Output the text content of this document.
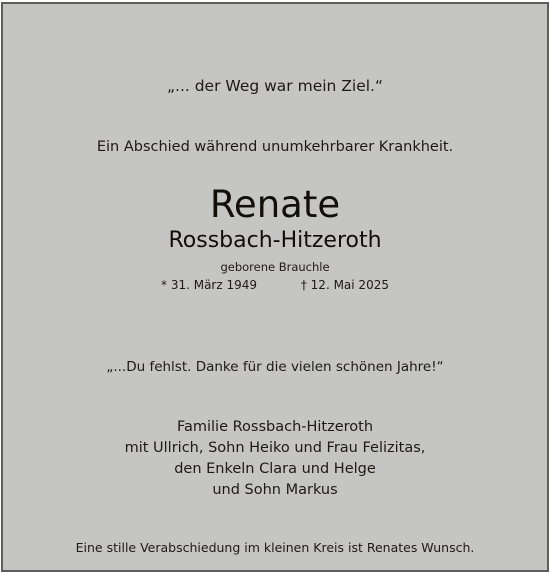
„... der Weg war mein Ziel.“
Ein Abschied während unumkehrbarer Krankheit.
Renate
Rossbach-Hitzeroth
geborene Brauchle
* 31. März 1949	† 12. Mai 2025
„...Du fehlst. Danke für die vielen schönen Jahre!“
Familie Rossbach-Hitzeroth
mit Ullrich, Sohn Heiko und Frau Felizitas,
den Enkeln Clara und Helge
und Sohn Markus
Eine stille Verabschiedung im kleinen Kreis ist Renates Wunsch.
